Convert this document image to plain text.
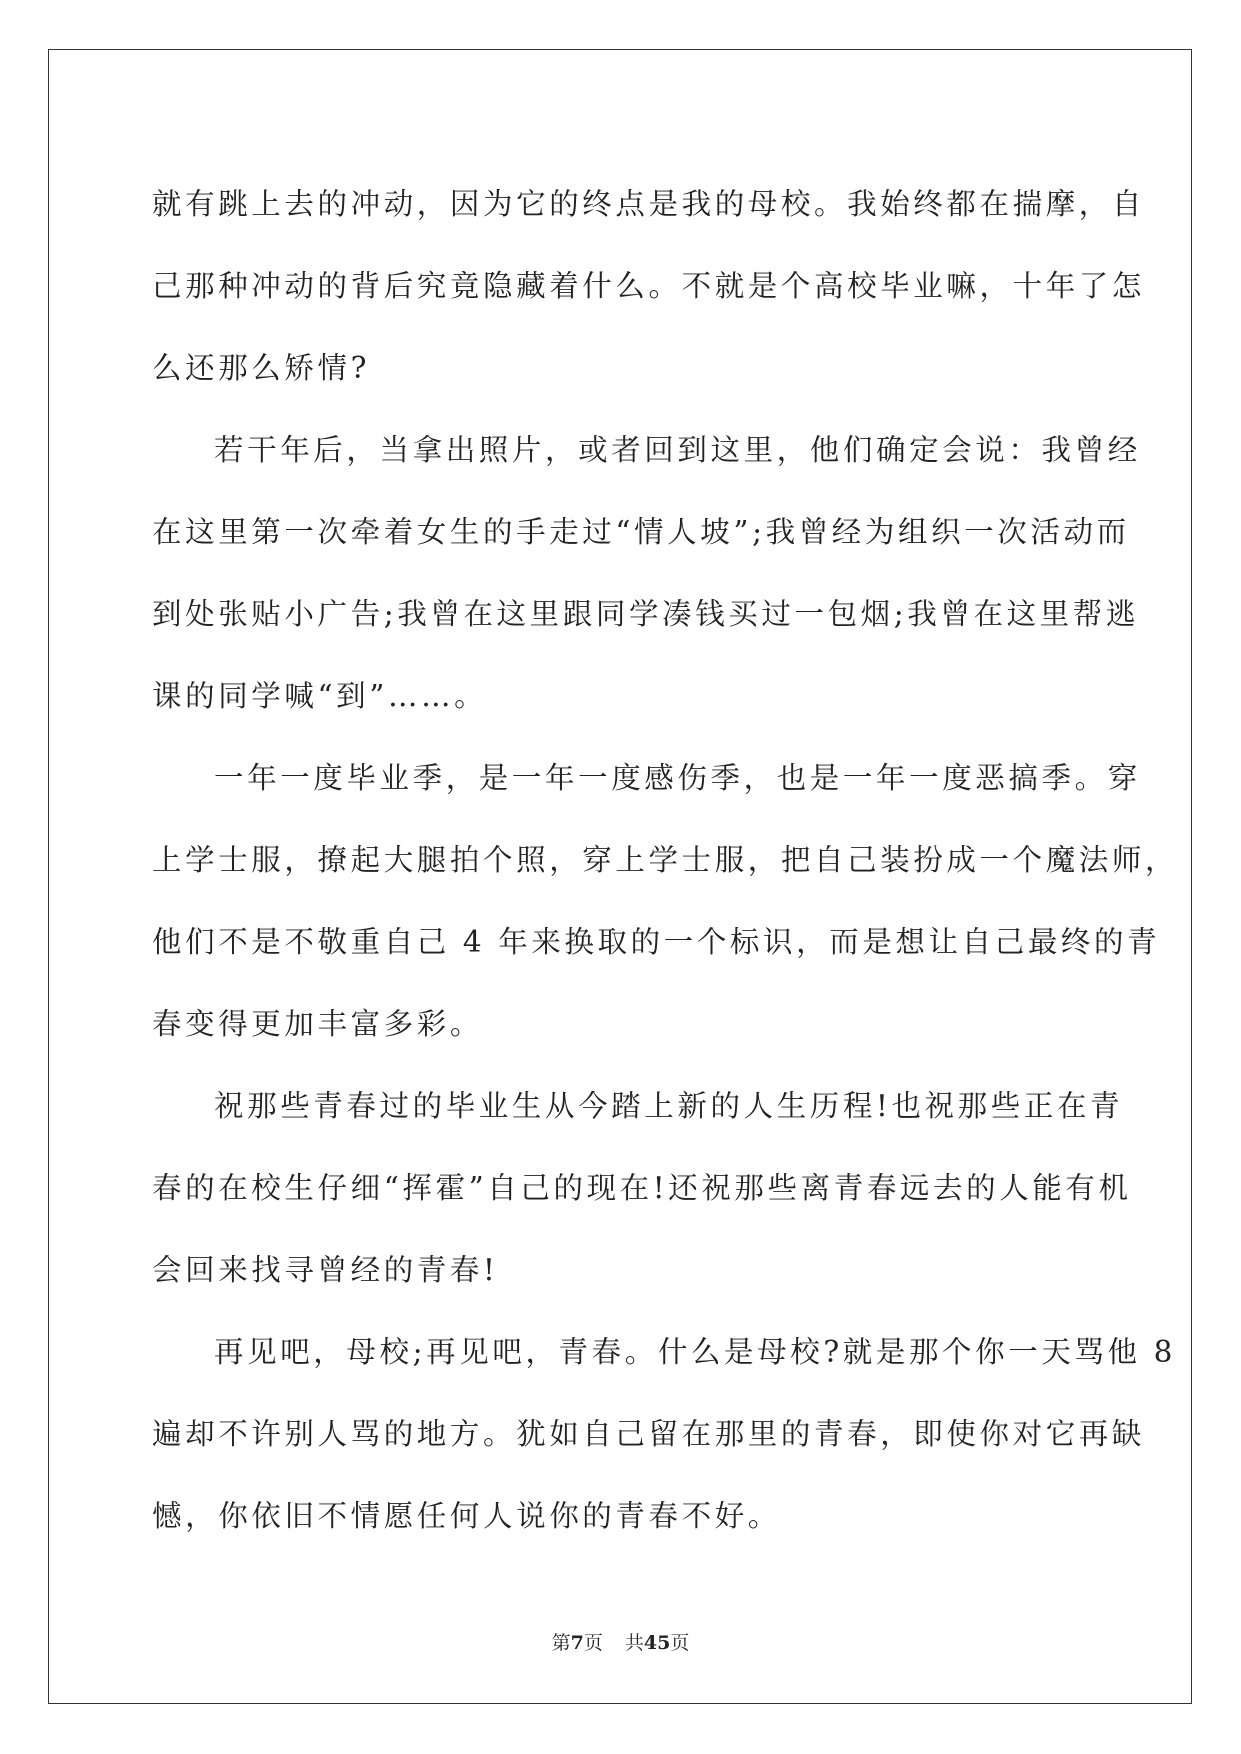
就有跳上去的冲动，因为它的终点是我的母校。我始终都在揣摩，自

己那种冲动的背后究竟隐藏着什么。不就是个高校毕业嘛，十年了怎

么还那么矫情?

若干年后，当拿出照片，或者回到这里，他们确定会说：我曾经

在这里第一次牵着女生的手走过“情人坡”;我曾经为组织一次活动而

到处张贴小广告;我曾在这里跟同学凑钱买过一包烟;我曾在这里帮逃

课的同学喊“到”……。

一年一度毕业季，是一年一度感伤季，也是一年一度恶搞季。穿

上学士服，撩起大腿拍个照，穿上学士服，把自己装扮成一个魔法师，

他们不是不敬重自己 4 年来换取的一个标识，而是想让自己最终的青

春变得更加丰富多彩。

祝那些青春过的毕业生从今踏上新的人生历程!也祝那些正在青

春的在校生仔细“挥霍”自己的现在!还祝那些离青春远去的人能有机

会回来找寻曾经的青春!

再见吧，母校;再见吧，青春。什么是母校?就是那个你一天骂他 8

遍却不许别人骂的地方。犹如自己留在那里的青春，即使你对它再缺

憾，你依旧不情愿任何人说你的青春不好。

第7页 共45页
